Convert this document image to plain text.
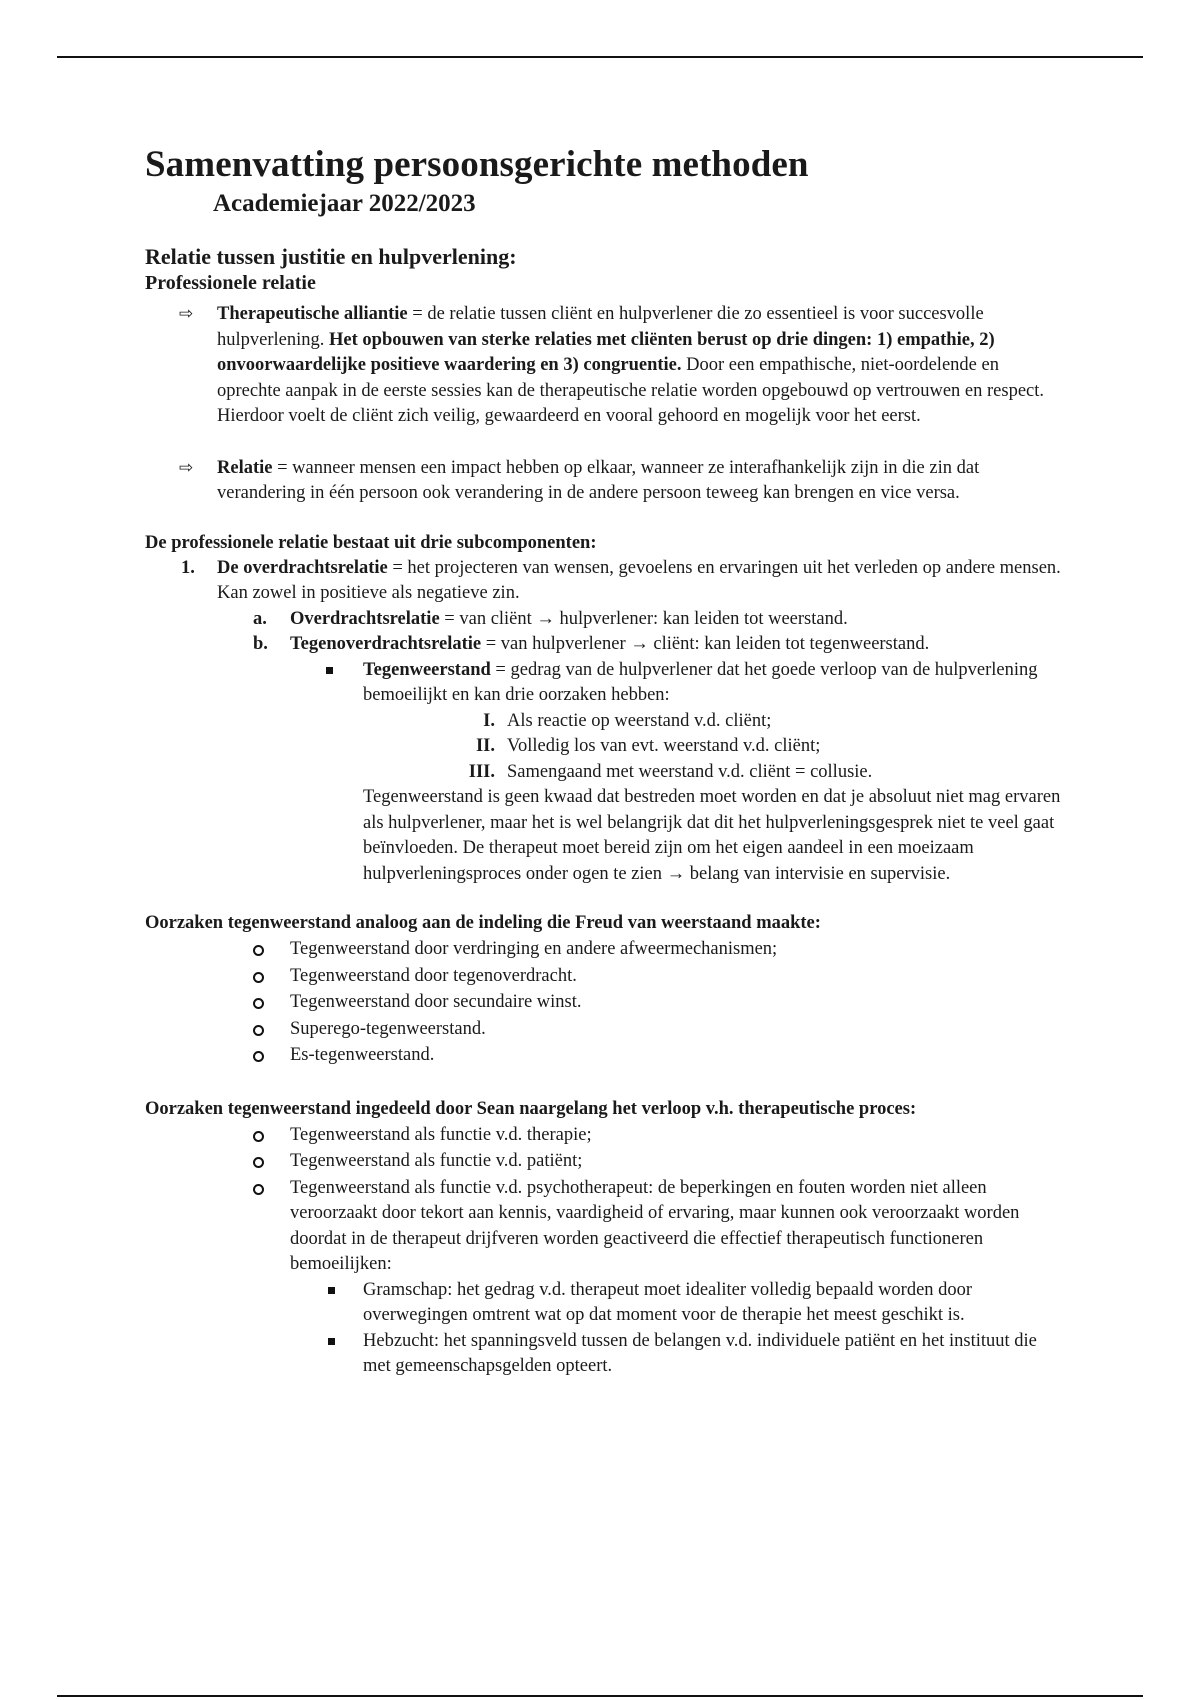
Samenvatting persoonsgerichte methoden

Academiejaar 2022/2023

Relatie tussen justitie en hulpverlening:
Professionele relatie
⇨ Therapeutische alliantie = de relatie tussen cliënt en hulpverlener die zo essentieel is voor succesvolle hulpverlening. Het opbouwen van sterke relaties met cliënten berust op drie dingen: 1) empathie, 2) onvoorwaardelijke positieve waardering en 3) congruentie. Door een empathische, niet-oordelende en oprechte aanpak in de eerste sessies kan de therapeutische relatie worden opgebouwd op vertrouwen en respect. Hierdoor voelt de cliënt zich veilig, gewaardeerd en vooral gehoord en mogelijk voor het eerst.
⇨ Relatie = wanneer mensen een impact hebben op elkaar, wanneer ze interafhankelijk zijn in die zin dat verandering in één persoon ook verandering in de andere persoon teweeg kan brengen en vice versa.
De professionele relatie bestaat uit drie subcomponenten:
1. De overdrachtsrelatie = het projecteren van wensen, gevoelens en ervaringen uit het verleden op andere mensen. Kan zowel in positieve als negatieve zin.
a. Overdrachtsrelatie = van cliënt → hulpverlener: kan leiden tot weerstand.
b. Tegenoverdrachtsrelatie = van hulpverlener → cliënt: kan leiden tot tegenweerstand.
Tegenweerstand = gedrag van de hulpverlener dat het goede verloop van de hulpverlening bemoeilijkt en kan drie oorzaken hebben:
I. Als reactie op weerstand v.d. cliënt;
II. Volledig los van evt. weerstand v.d. cliënt;
III. Samengaand met weerstand v.d. cliënt = collusie.

Tegenweerstand is geen kwaad dat bestreden moet worden en dat je absoluut niet mag ervaren als hulpverlener, maar het is wel belangrijk dat dit het hulpverleningsgesprek niet te veel gaat beïnvloeden. De therapeut moet bereid zijn om het eigen aandeel in een moeizaam hulpverleningsproces onder ogen te zien → belang van intervisie en supervisie.

Oorzaken tegenweerstand analoog aan de indeling die Freud van weerstaand maakte:
Tegenweerstand door verdringing en andere afweermechanismen;
Tegenweerstand door tegenoverdracht.
Tegenweerstand door secundaire winst.
Superego-tegenweerstand.
Es-tegenweerstand.
Oorzaken tegenweerstand ingedeeld door Sean naargelang het verloop v.h. therapeutische proces:
Tegenweerstand als functie v.d. therapie;
Tegenweerstand als functie v.d. patiënt;
Tegenweerstand als functie v.d. psychotherapeut: de beperkingen en fouten worden niet alleen veroorzaakt door tekort aan kennis, vaardigheid of ervaring, maar kunnen ook veroorzaakt worden doordat in de therapeut drijfveren worden geactiveerd die effectief therapeutisch functioneren bemoeilijken:
Gramschap: het gedrag v.d. therapeut moet idealiter volledig bepaald worden door overwegingen omtrent wat op dat moment voor de therapie het meest geschikt is.
Hebzucht: het spanningsveld tussen de belangen v.d. individuele patiënt en het instituut die met gemeenschapsgelden opteert.
